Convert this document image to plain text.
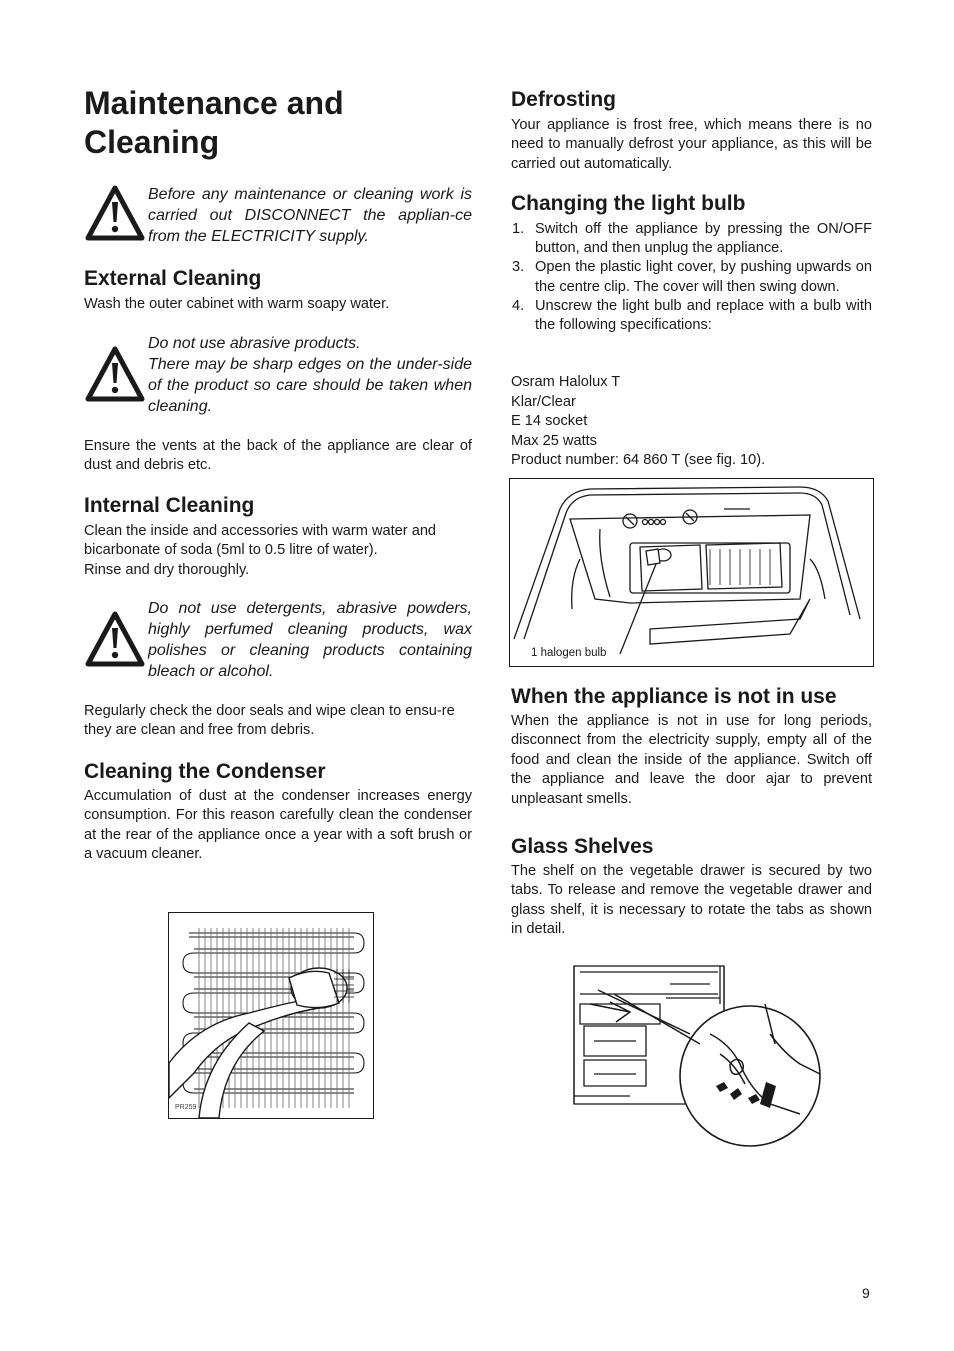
Maintenance and
Cleaning

Before any maintenance or cleaning work is carried out DISCONNECT the applian-ce from the ELECTRICITY supply.

External Cleaning

Wash the outer cabinet with warm soapy water.

Do not use abrasive products.
There may be sharp edges on the under-side of the product so care should be taken when cleaning.

Ensure the vents at the back of the appliance are clear of dust and debris etc.

Internal Cleaning

Clean the inside and accessories with warm water and bicarbonate of soda (5ml to 0.5 litre of water).
Rinse and dry thoroughly.

Do not use detergents, abrasive powders, highly perfumed cleaning products, wax polishes or cleaning products containing bleach or alcohol.

Regularly check the door seals and wipe clean to ensu-re they are clean and free from debris.

Cleaning the Condenser

Accumulation of dust at the condenser increases energy consumption. For this reason carefully clean the condenser at the rear of the appliance once a year with a soft brush or a vacuum cleaner.

PR259
Defrosting

Your appliance is frost free, which means there is no need to manually defrost your appliance, as this will be carried out automatically.

Changing the light bulb
1. Switch off the appliance by pressing the ON/OFF button, and then unplug the appliance.
3. Open the plastic light cover, by pushing upwards on the centre clip. The cover will then swing down.
4. Unscrew the light bulb and replace with a bulb with the following specifications:
Osram Halolux T
Klar/Clear
E 14 socket
Max 25 watts
Product number: 64 860 T (see fig. 10).
1 halogen bulb
When the appliance is not in use

When the appliance is not in use for long periods, disconnect from the electricity supply, empty all of the food and clean the inside of the appliance. Switch off the appliance and leave the door ajar to prevent unpleasant smells.

Glass Shelves

The shelf on the vegetable drawer is secured by two tabs. To release and remove the vegetable drawer and glass shelf, it is necessary to rotate the tabs as shown in detail.

9
